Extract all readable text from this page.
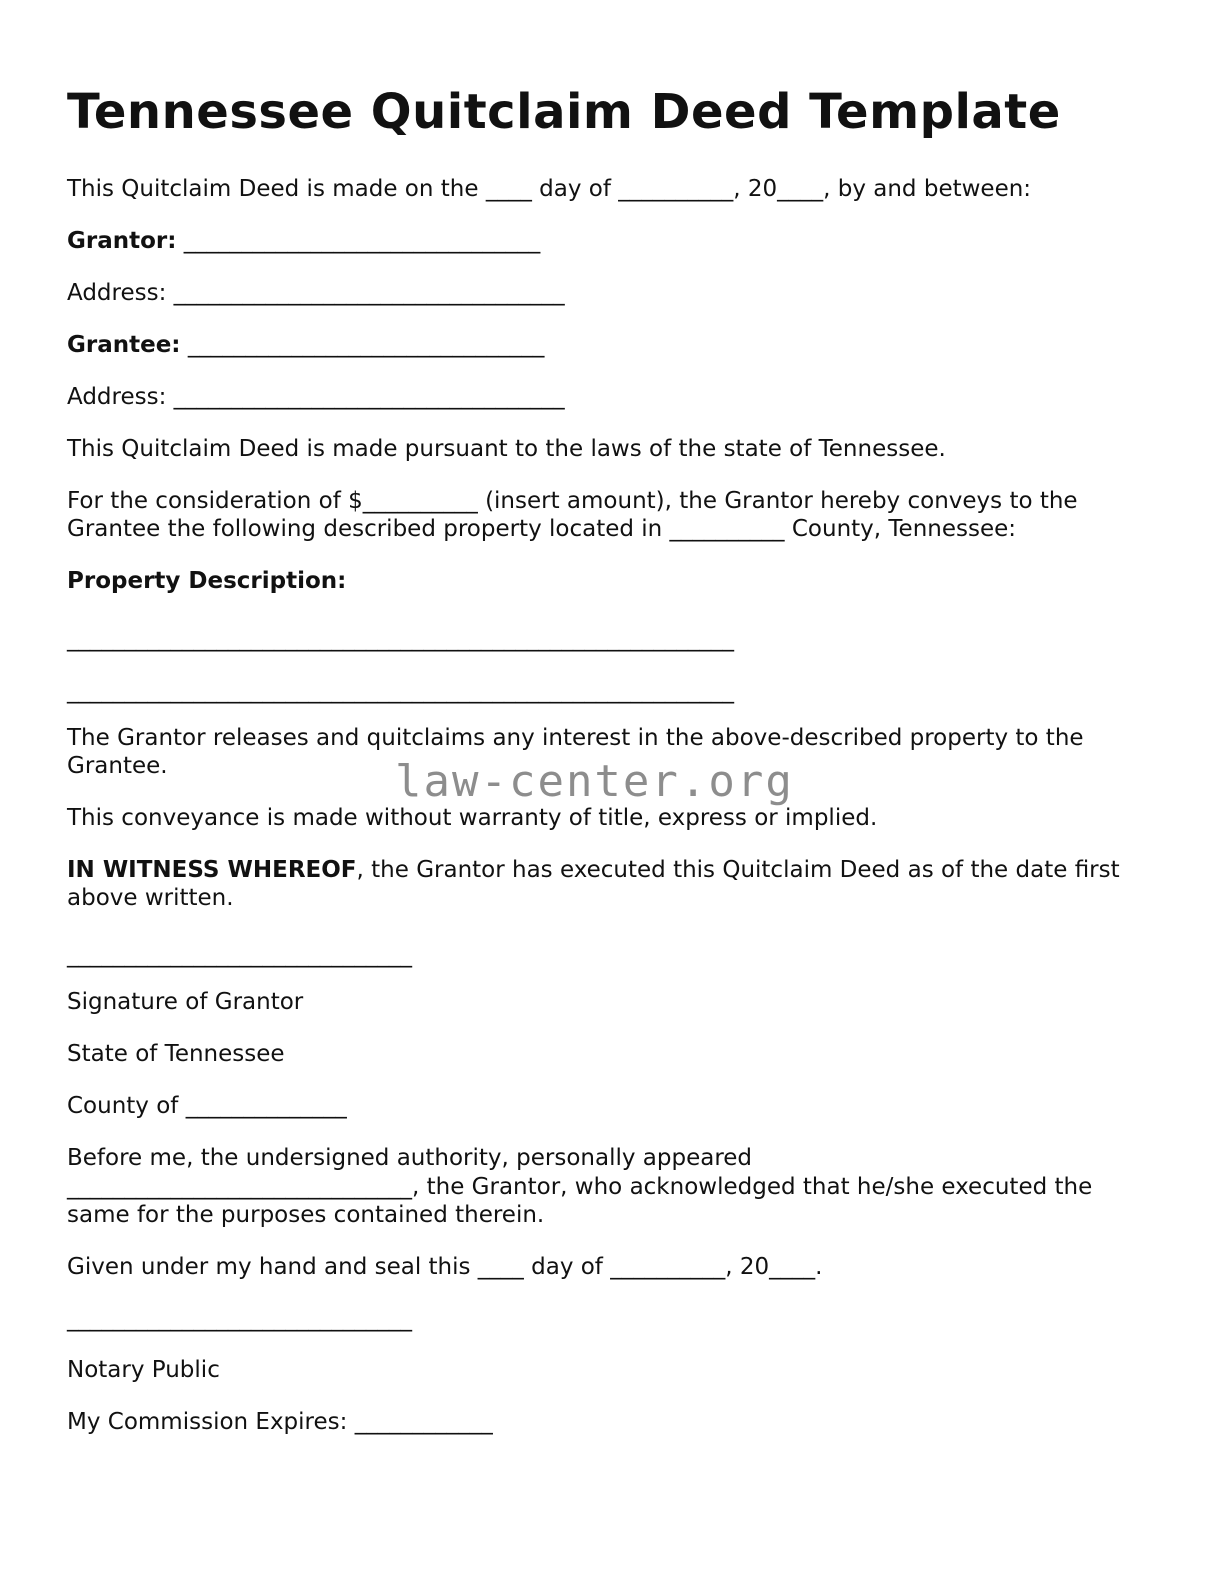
Tennessee Quitclaim Deed Template

This Quitclaim Deed is made on the ____ day of __________, 20____, by and between:

Grantor: _______________________________

Address: __________________________________

Grantee: _______________________________

Address: __________________________________

This Quitclaim Deed is made pursuant to the laws of the state of Tennessee.

For the consideration of $__________ (insert amount), the Grantor hereby conveys to the Grantee the following described property located in __________ County, Tennessee:

Property Description:

__________________________________________________________

__________________________________________________________

The Grantor releases and quitclaims any interest in the above-described property to the Grantee.

This conveyance is made without warranty of title, express or implied.

IN WITNESS WHEREOF, the Grantor has executed this Quitclaim Deed as of the date first above written.

______________________________

Signature of Grantor

State of Tennessee

County of ______________

Before me, the undersigned authority, personally appeared

______________________________, the Grantor, who acknowledged that he/she executed the

same for the purposes contained therein.

Given under my hand and seal this ____ day of __________, 20____.

______________________________

Notary Public

My Commission Expires: ____________

law-center.org
